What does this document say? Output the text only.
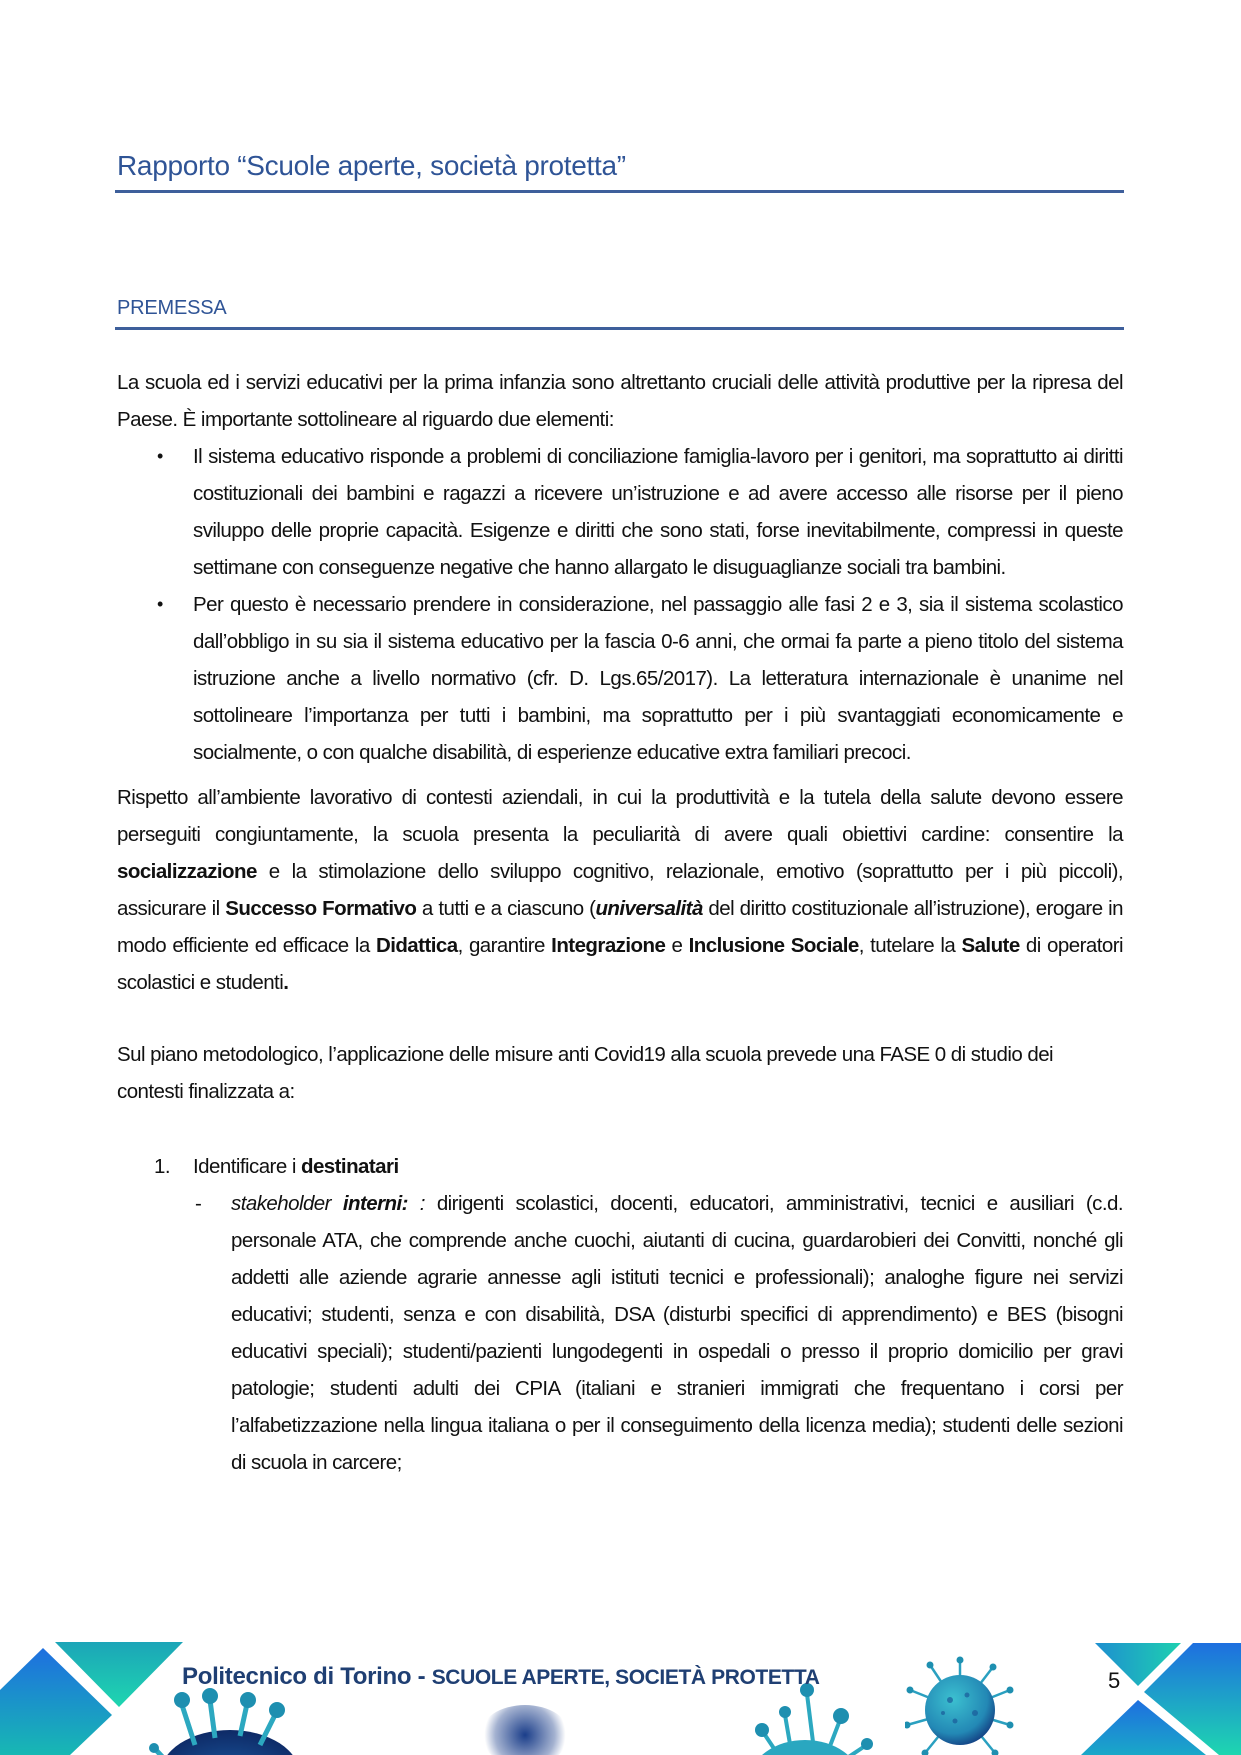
Rapporto “Scuole aperte, società protetta”
PREMESSA

La scuola ed i servizi educativi per la prima infanzia sono altrettanto cruciali delle attività produttive per la ripresa del Paese. È importante sottolineare al riguardo due elementi:

• Il sistema educativo risponde a problemi di conciliazione famiglia-lavoro per i genitori, ma soprattutto ai diritti costituzionali dei bambini e ragazzi a ricevere un’istruzione e ad avere accesso alle risorse per il pieno sviluppo delle proprie capacità. Esigenze e diritti che sono stati, forse inevitabilmente, compressi in queste settimane con conseguenze negative che hanno allargato le disuguaglianze sociali tra bambini.
• Per questo è necessario prendere in considerazione, nel passaggio alle fasi 2 e 3, sia il sistema scolastico dall’obbligo in su sia il sistema educativo per la fascia 0-6 anni, che ormai fa parte a pieno titolo del sistema istruzione anche a livello normativo (cfr. D. Lgs.65/2017). La letteratura internazionale è unanime nel sottolineare l’importanza per tutti i bambini, ma soprattutto per i più svantaggiati economicamente e socialmente, o con qualche disabilità, di esperienze educative extra familiari precoci.

Rispetto all’ambiente lavorativo di contesti aziendali, in cui la produttività e la tutela della salute devono essere perseguiti congiuntamente, la scuola presenta la peculiarità di avere quali obiettivi cardine: consentire la socializzazione e la stimolazione dello sviluppo cognitivo, relazionale, emotivo (soprattutto per i più piccoli), assicurare il Successo Formativo a tutti e a ciascuno (universalità del diritto costituzionale all’istruzione), erogare in modo efficiente ed efficace la Didattica, garantire Integrazione e Inclusione Sociale, tutelare la Salute di operatori scolastici e studenti.

Sul piano metodologico, l’applicazione delle misure anti Covid19 alla scuola prevede una FASE 0 di studio dei contesti finalizzata a:

1. Identificare i destinatari
- stakeholder interni: : dirigenti scolastici, docenti, educatori, amministrativi, tecnici e ausiliari (c.d. personale ATA, che comprende anche cuochi, aiutanti di cucina, guardarobieri dei Convitti, nonché gli addetti alle aziende agrarie annesse agli istituti tecnici e professionali); analoghe figure nei servizi educativi; studenti, senza e con disabilità, DSA (disturbi specifici di apprendimento) e BES (bisogni educativi speciali); studenti/pazienti lungodegenti in ospedali o presso il proprio domicilio per gravi patologie; studenti adulti dei CPIA (italiani e stranieri immigrati che frequentano i corsi per l’alfabetizzazione nella lingua italiana o per il conseguimento della licenza media); studenti delle sezioni di scuola in carcere;
Politecnico di Torino - SCUOLE APERTE, SOCIETÀ PROTETTA	5
